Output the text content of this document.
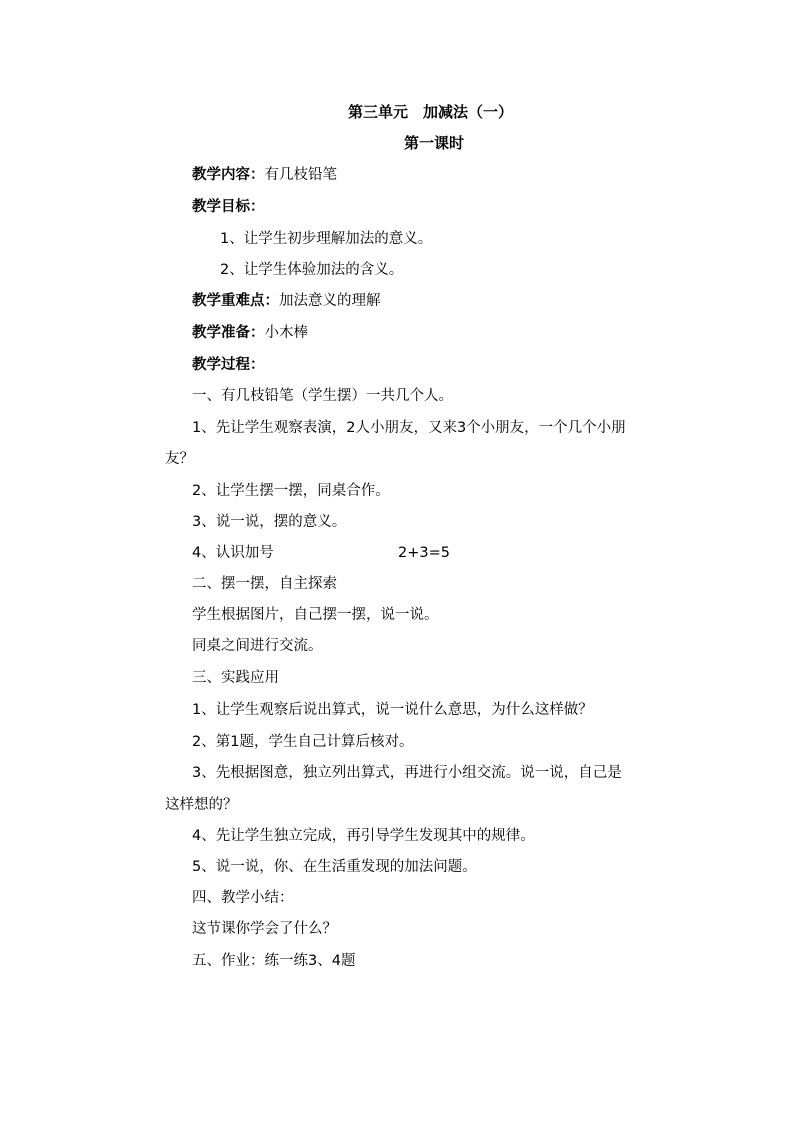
第三单元　加减法（一）

第一课时

教学内容：有几枝铅笔

教学目标：

1、让学生初步理解加法的意义。

2、让学生体验加法的含义。

教学重难点：加法意义的理解

教学准备：小木棒

教学过程：

一、有几枝铅笔（学生摆）一共几个人。

1、先让学生观察表演，2人小朋友，又来3个小朋友，一个几个小朋

友？

2、让学生摆一摆，同桌合作。

3、说一说，摆的意义。

4、认识加号	2+3=5

二、摆一摆，自主探索

学生根据图片，自己摆一摆，说一说。

同桌之间进行交流。

三、实践应用

1、让学生观察后说出算式，说一说什么意思，为什么这样做？

2、第1题，学生自己计算后核对。

3、先根据图意，独立列出算式，再进行小组交流。说一说，自己是

这样想的？

4、先让学生独立完成，再引导学生发现其中的规律。

5、说一说，你、在生活重发现的加法问题。

四、教学小结：

这节课你学会了什么？

五、作业：练一练3、4题
